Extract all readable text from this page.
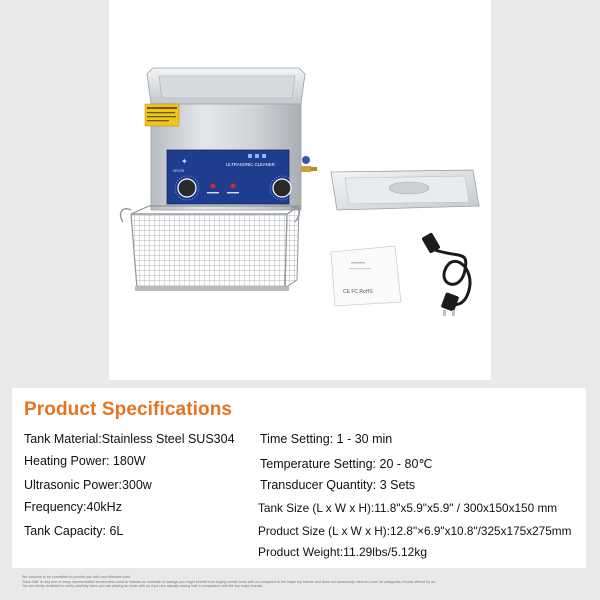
✦
VEVOR
ULTRASONIC CLEANER
CE FC RoHS
Product Specifications
Tank Material:Stainless Steel SUS304
Heating Power: 180W
Ultrasonic Power:300w
Frequency:40kHz
Tank Capacity: 6L
Time Setting: 1 - 30 min
Temperature Setting: 20 - 80℃
Transducer Quantity: 3 Sets
Tank Size (L x W x H):11.8"x5.9"x5.9" / 300x150x150 mm
Product Size (L x W x H):12.8"×6.9"x10.8"/325x175x275mm
Product Weight:11.29lbs/5.12kg
We continue to be committed to provide you with cost-effective tools.
'Save Half' is only one of many representative benchmarks used to indicate an estimate of savings you might benefit from buying certain tools with us compared to the major top brands and does not necessarily mean to cover all categories of tools offered by us.
You are kindly reminded to verify carefully when you are placing an order with us if you are actually saving half in comparison with the top major brands.
